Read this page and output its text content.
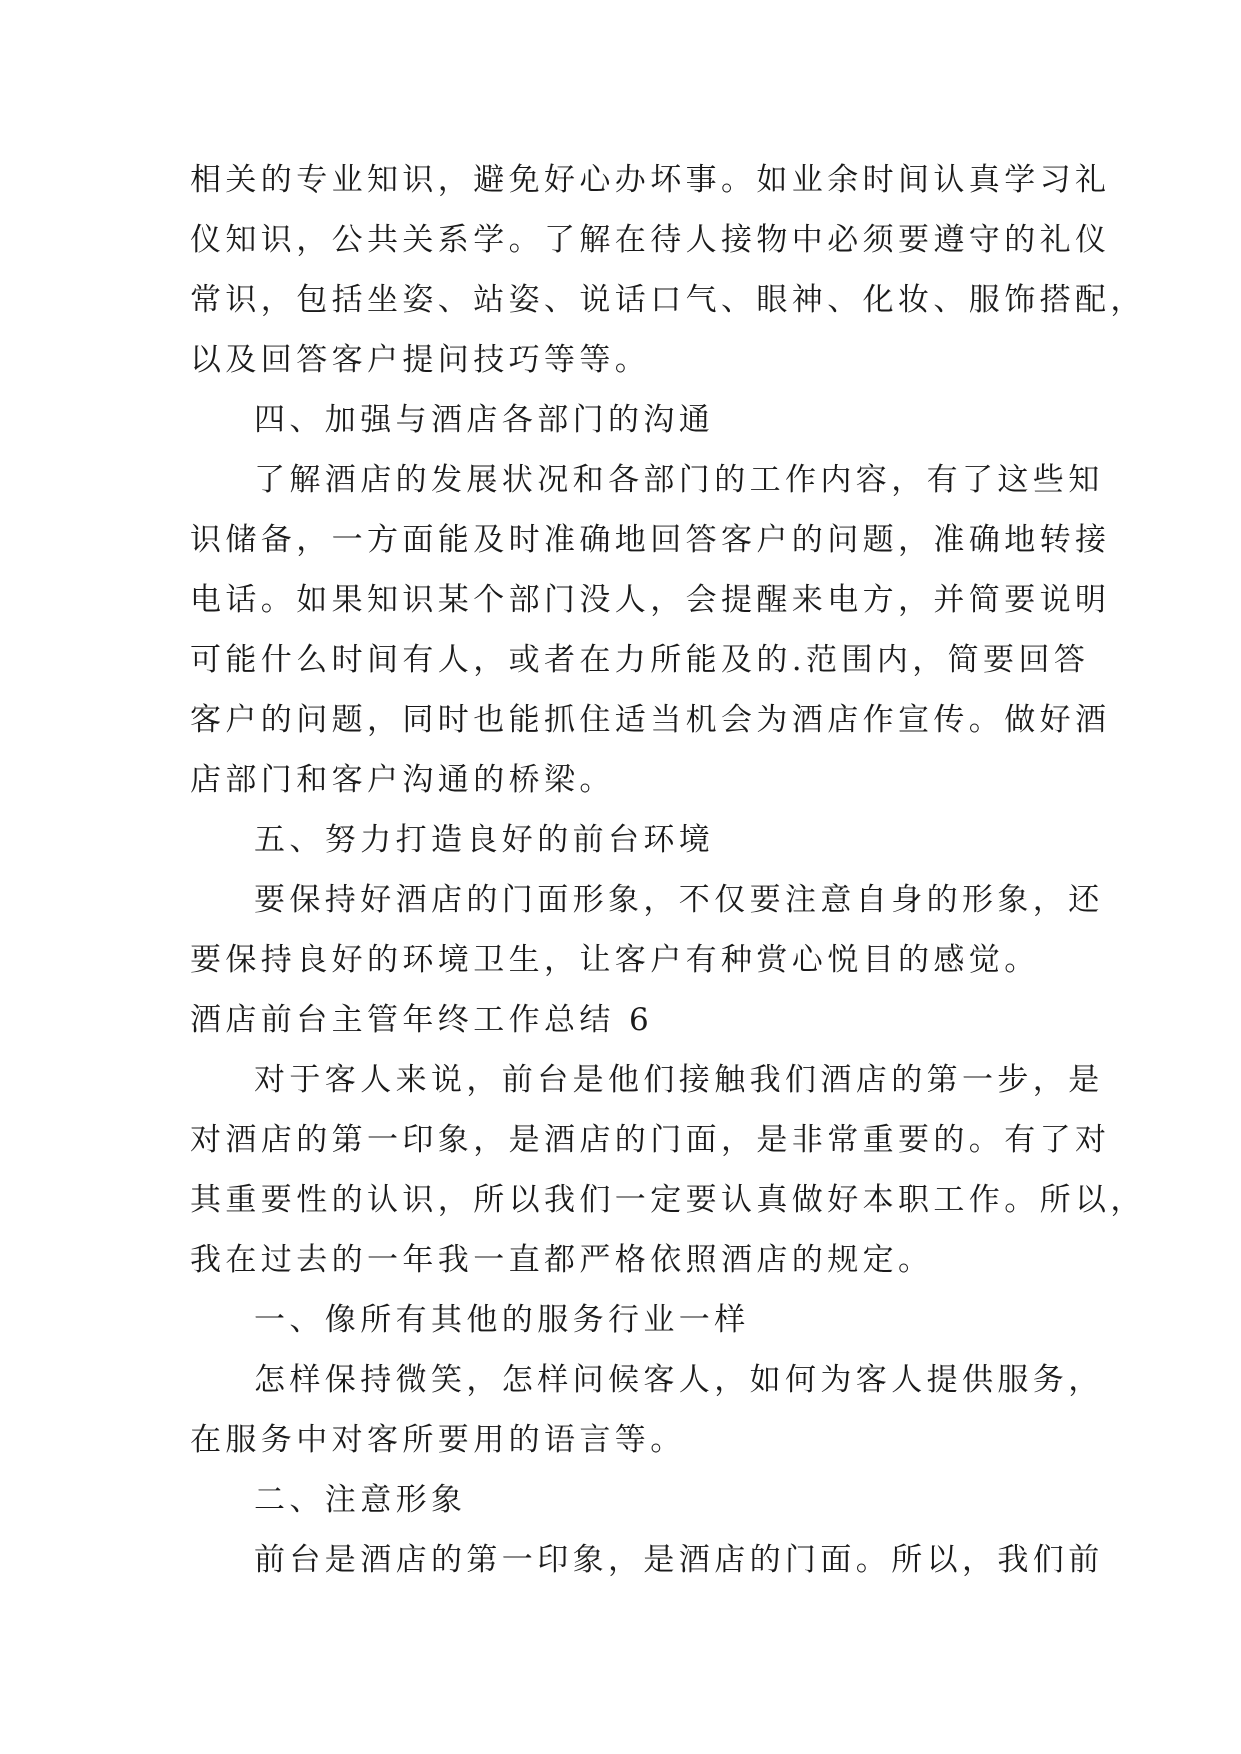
相关的专业知识，避免好心办坏事。如业余时间认真学习礼
仪知识，公共关系学。了解在待人接物中必须要遵守的礼仪
常识，包括坐姿、站姿、说话口气、眼神、化妆、服饰搭配，
以及回答客户提问技巧等等。
四、加强与酒店各部门的沟通
了解酒店的发展状况和各部门的工作内容，有了这些知
识储备，一方面能及时准确地回答客户的问题，准确地转接
电话。如果知识某个部门没人，会提醒来电方，并简要说明
可能什么时间有人，或者在力所能及的.范围内，简要回答
客户的问题，同时也能抓住适当机会为酒店作宣传。做好酒
店部门和客户沟通的桥梁。
五、努力打造良好的前台环境
要保持好酒店的门面形象，不仅要注意自身的形象，还
要保持良好的环境卫生，让客户有种赏心悦目的感觉。
酒店前台主管年终工作总结 6
对于客人来说，前台是他们接触我们酒店的第一步，是
对酒店的第一印象，是酒店的门面，是非常重要的。有了对
其重要性的认识，所以我们一定要认真做好本职工作。所以，
我在过去的一年我一直都严格依照酒店的规定。
一、像所有其他的服务行业一样
怎样保持微笑，怎样问候客人，如何为客人提供服务，
在服务中对客所要用的语言等。
二、注意形象
前台是酒店的第一印象，是酒店的门面。所以，我们前
